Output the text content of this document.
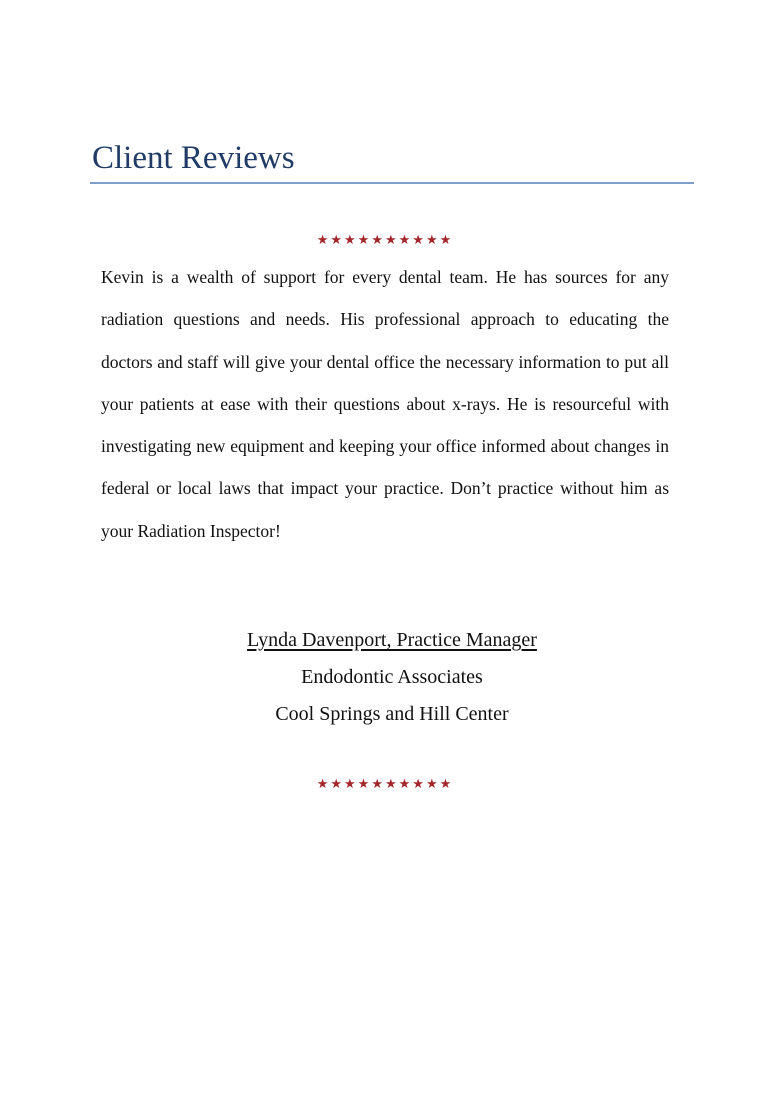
Client Reviews
★★★★★★★★★★

Kevin is a wealth of support for every dental team. He has sources for any radiation questions and needs. His professional approach to educating the doctors and staff will give your dental office the necessary information to put all your patients at ease with their questions about x-rays. He is resourceful with investigating new equipment and keeping your office informed about changes in federal or local laws that impact your practice. Don’t practice without him as your Radiation Inspector!

Lynda Davenport, Practice Manager
Endodontic Associates
Cool Springs and Hill Center
★★★★★★★★★★
